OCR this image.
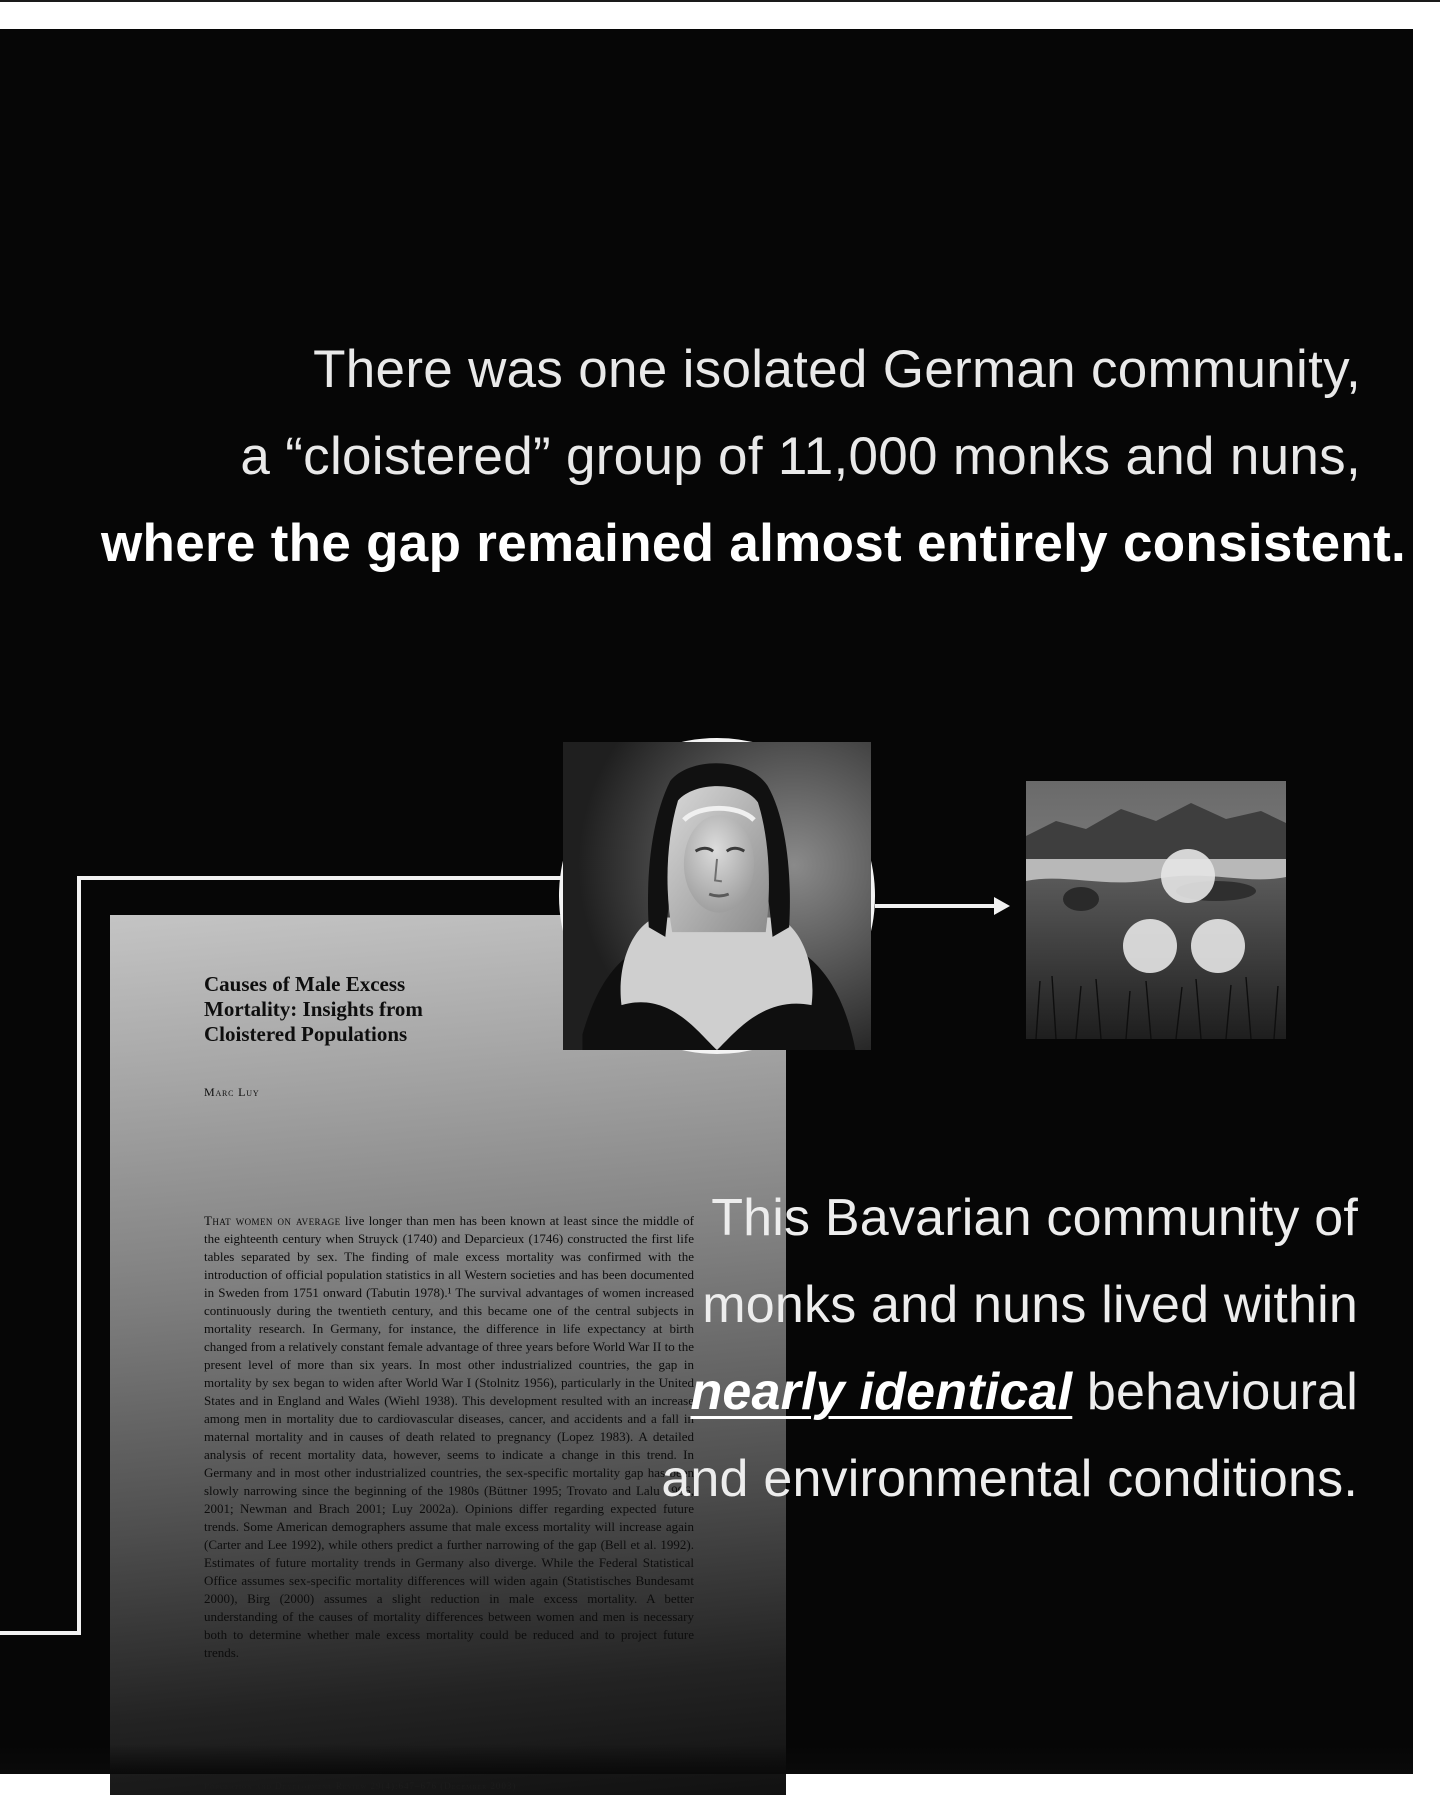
There was one isolated German community,
a “cloistered” group of 11,000 monks and nuns,
where the gap remained almost entirely consistent.
Causes of Male Excess
Mortality: Insights from
Cloistered Populations

Marc Luy

That women on average live longer than men has been known at least since the middle of the eighteenth century when Struyck (1740) and Deparcieux (1746) constructed the first life tables separated by sex. The finding of male excess mortality was confirmed with the introduction of official population statistics in all Western societies and has been documented in Sweden from 1751 onward (Tabutin 1978).¹ The survival advantages of women increased continuously during the twentieth century, and this became one of the central subjects in mortality research. In Germany, for instance, the difference in life expectancy at birth changed from a relatively constant female advantage of three years before World War II to the present level of more than six years. In most other industrialized countries, the gap in mortality by sex began to widen after World War I (Stolnitz 1956), particularly in the United States and in England and Wales (Wiehl 1938). This development resulted with an increase among men in mortality due to cardiovascular diseases, cancer, and accidents and a fall in maternal mortality and in causes of death related to pregnancy (Lopez 1983). A detailed analysis of recent mortality data, however, seems to indicate a change in this trend. In Germany and in most other industrialized countries, the sex-specific mortality gap has been slowly narrowing since the beginning of the 1980s (Büttner 1995; Trovato and Lalu 1996, 2001; Newman and Brach 2001; Luy 2002a). Opinions differ regarding expected future trends. Some American demographers assume that male excess mortality will increase again (Carter and Lee 1992), while others predict a further narrowing of the gap (Bell et al. 1992). Estimates of future mortality trends in Germany also diverge. While the Federal Statistical Office assumes sex-specific mortality differences will widen again (Statistisches Bundesamt 2000), Birg (2000) assumes a slight reduction in male excess mortality. A better understanding of the causes of mortality differences between women and men is necessary both to determine whether male excess mortality could be reduced and to project future trends.

Population and Development Review 29(4):647–676 (December 2003)

This Bavarian community of
monks and nuns lived within
nearly identical behavioural
and environmental conditions.
